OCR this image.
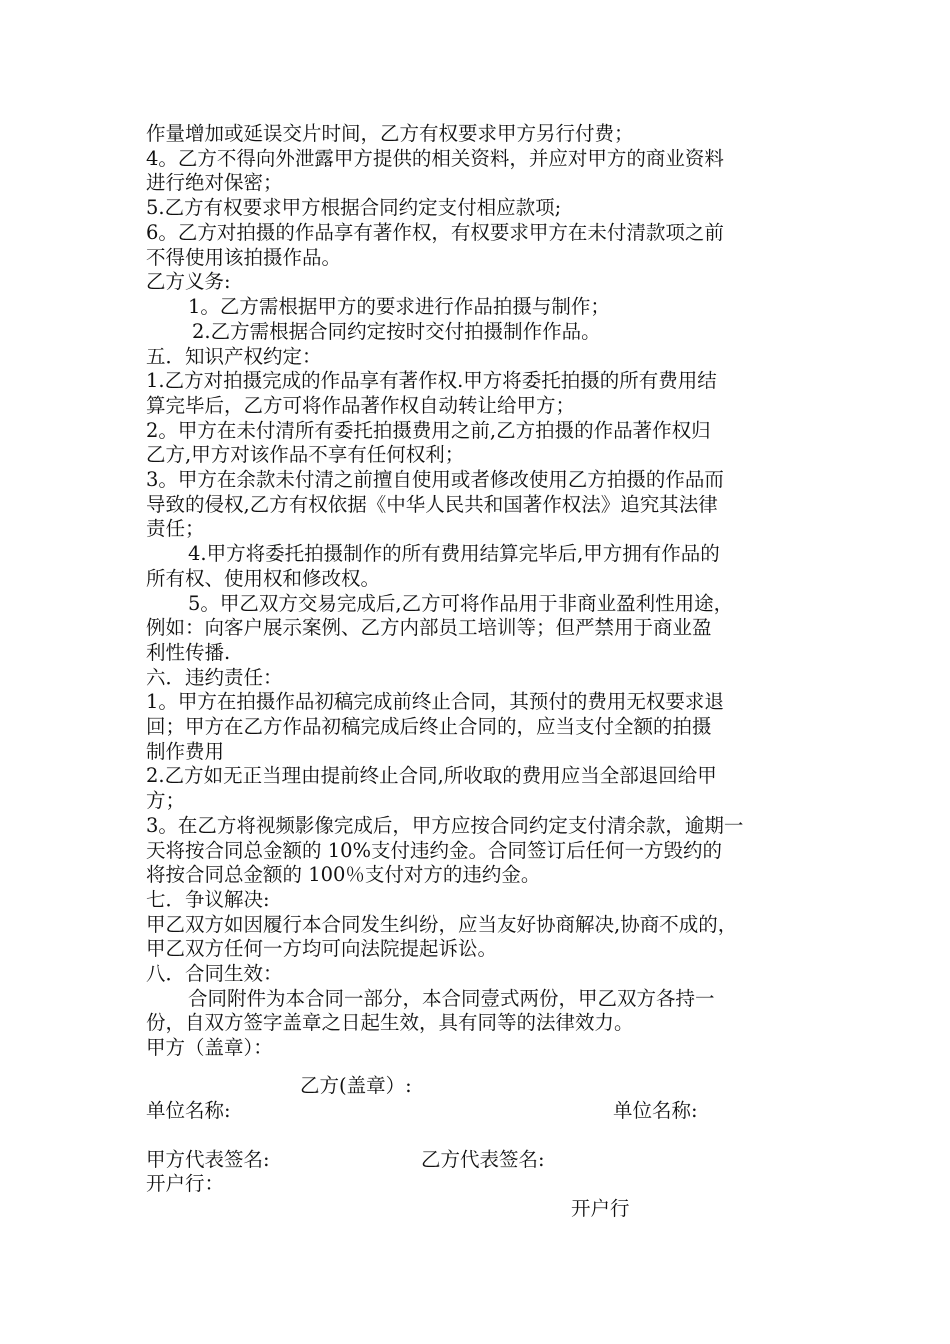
作量增加或延误交片时间，乙方有权要求甲方另行付费；
4。乙方不得向外泄露甲方提供的相关资料，并应对甲方的商业资料
进行绝对保密；
5.乙方有权要求甲方根据合同约定支付相应款项;
6。乙方对拍摄的作品享有著作权，有权要求甲方在未付清款项之前
不得使用该拍摄作品。
乙方义务:
1。乙方需根据甲方的要求进行作品拍摄与制作；
2.乙方需根据合同约定按时交付拍摄制作作品。
五．知识产权约定：
1.乙方对拍摄完成的作品享有著作权.甲方将委托拍摄的所有费用结
算完毕后，乙方可将作品著作权自动转让给甲方；
2。甲方在未付清所有委托拍摄费用之前,乙方拍摄的作品著作权归
乙方,甲方对该作品不享有任何权利；
3。甲方在余款未付清之前擅自使用或者修改使用乙方拍摄的作品而
导致的侵权,乙方有权依据《中华人民共和国著作权法》追究其法律
责任；
4.甲方将委托拍摄制作的所有费用结算完毕后,甲方拥有作品的
所有权、使用权和修改权。
5。甲乙双方交易完成后,乙方可将作品用于非商业盈利性用途，
例如：向客户展示案例、乙方内部员工培训等；但严禁用于商业盈
利性传播.
六．违约责任：
1。甲方在拍摄作品初稿完成前终止合同，其预付的费用无权要求退
回；甲方在乙方作品初稿完成后终止合同的，应当支付全额的拍摄
制作费用
2.乙方如无正当理由提前终止合同,所收取的费用应当全部退回给甲
方；
3。在乙方将视频影像完成后，甲方应按合同约定支付清余款，逾期一
天将按合同总金额的 10%支付违约金。合同签订后任何一方毁约的
将按合同总金额的 100％支付对方的违约金。
七．争议解决:
甲乙双方如因履行本合同发生纠纷，应当友好协商解决,协商不成的，
甲乙双方任何一方均可向法院提起诉讼。
八．合同生效：
合同附件为本合同一部分，本合同壹式两份，甲乙双方各持一
份，自双方签字盖章之日起生效，具有同等的法律效力。
甲方（盖章）：
乙方(盖章）:
单位名称:	单位名称:
甲方代表签名:	乙方代表签名:
开户行：
开户行
